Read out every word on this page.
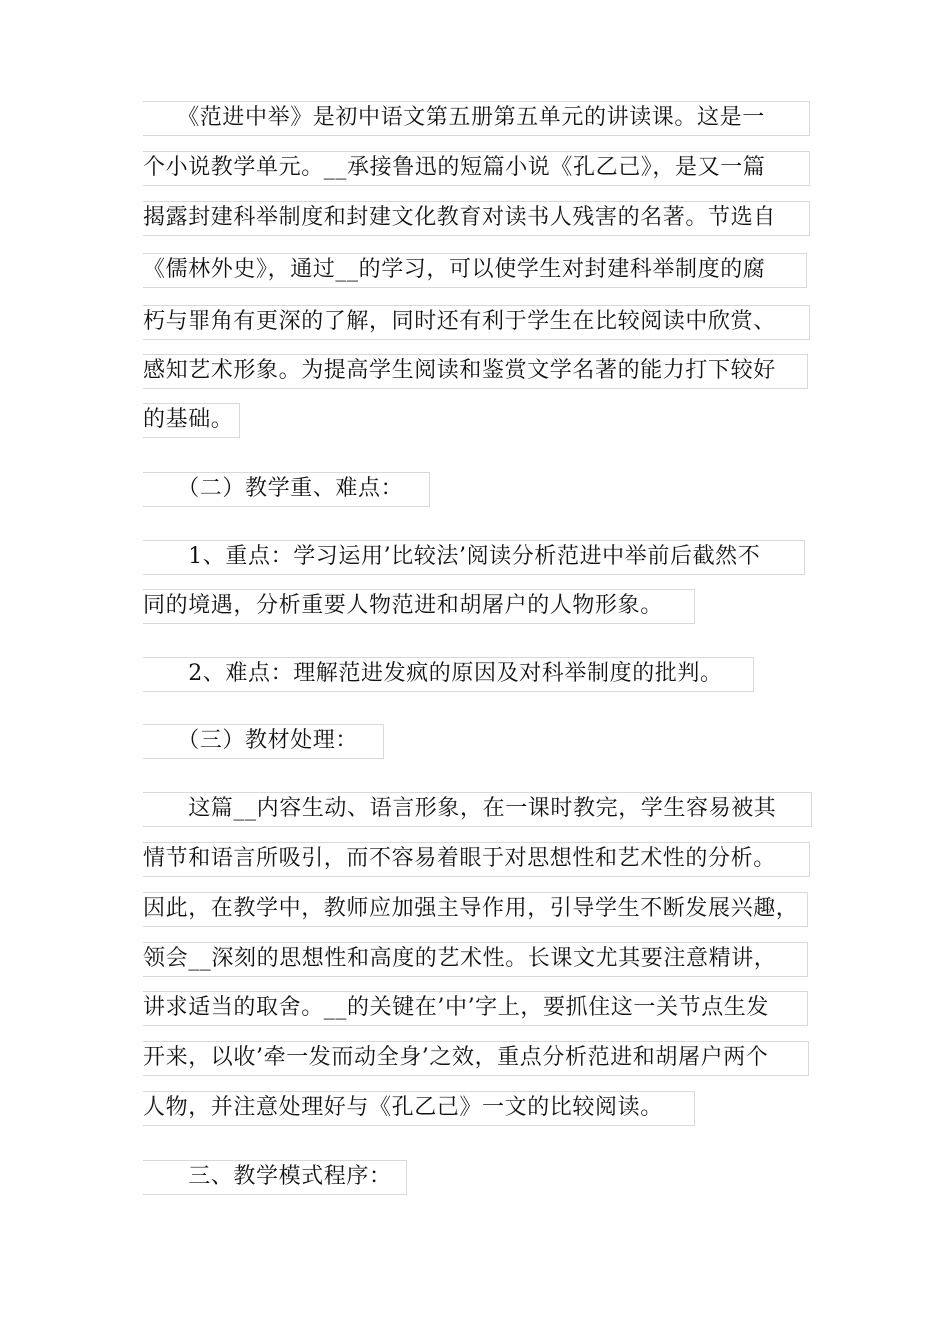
　　《范进中举》是初中语文第五册第五单元的讲读课。这是一
个小说教学单元。__承接鲁迅的短篇小说《孔乙己》，是又一篇
揭露封建科举制度和封建文化教育对读书人残害的名著。节选自
《儒林外史》，通过__的学习，可以使学生对封建科举制度的腐
朽与罪角有更深的了解，同时还有利于学生在比较阅读中欣赏、
感知艺术形象。为提高学生阅读和鉴赏文学名著的能力打下较好
的基础。
　　（二）教学重、难点：
　　1、重点：学习运用’比较法’阅读分析范进中举前后截然不
同的境遇，分析重要人物范进和胡屠户的人物形象。
　　2、难点：理解范进发疯的原因及对科举制度的批判。
　　（三）教材处理：
　　这篇__内容生动、语言形象，在一课时教完，学生容易被其
情节和语言所吸引，而不容易着眼于对思想性和艺术性的分析。
因此，在教学中，教师应加强主导作用，引导学生不断发展兴趣，
领会__深刻的思想性和高度的艺术性。长课文尤其要注意精讲，
讲求适当的取舍。__的关键在’中’字上，要抓住这一关节点生发
开来，以收’牵一发而动全身’之效，重点分析范进和胡屠户两个
人物，并注意处理好与《孔乙己》一文的比较阅读。
　　三、教学模式程序：
